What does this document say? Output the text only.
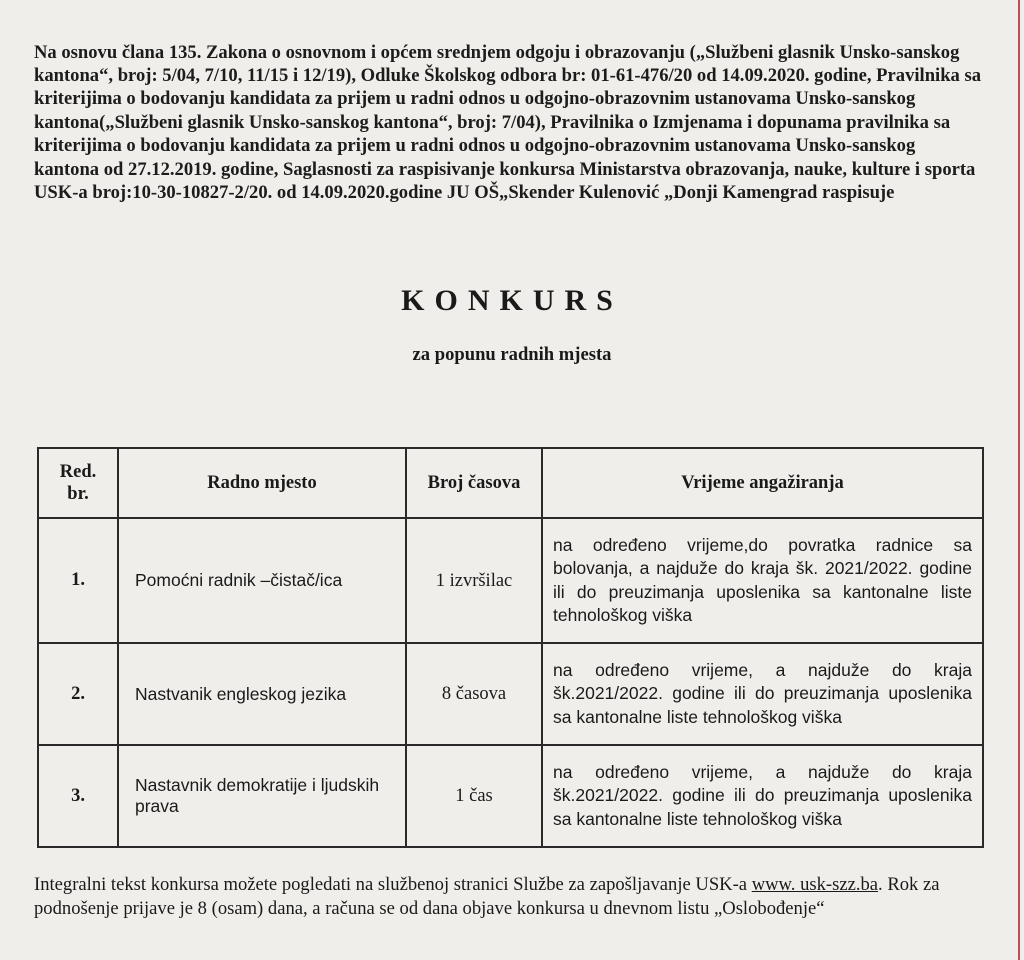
Na osnovu člana 135. Zakona o osnovnom i općem srednjem odgoju i obrazovanju („Službeni glasnik Unsko-sanskog kantona“, broj: 5/04, 7/10, 11/15 i 12/19), Odluke Školskog odbora br: 01-61-476/20 od 14.09.2020. godine, Pravilnika sa kriterijima o bodovanju kandidata za prijem u radni odnos u odgojno-obrazovnim ustanovama Unsko-sanskog kantona(„Službeni glasnik Unsko-sanskog kantona“, broj: 7/04), Pravilnika o Izmjenama i dopunama pravilnika sa kriterijima o bodovanju kandidata za prijem u radni odnos u odgojno-obrazovnim ustanovama Unsko-sanskog kantona od 27.12.2019. godine, Saglasnosti za raspisivanje konkursa Ministarstva obrazovanja, nauke, kulture i sporta USK-a broj:10-30-10827-2/20. od 14.09.2020.godine JU OŠ„Skender Kulenović „Donji Kamengrad raspisuje

KONKURS
za popunu radnih mjesta
Red. br.	Radno mjesto	Broj časova	Vrijeme angažiranja
1.	Pomoćni radnik –čistač/ica	1 izvršilac	na određeno vrijeme,do povratka radnice sa bolovanja, a najduže do kraja šk. 2021/2022. godine ili do preuzimanja uposlenika sa kantonalne liste tehnološkog viška
2.	Nastvanik engleskog jezika	8 časova	na određeno vrijeme, a najduže do kraja šk.2021/2022. godine ili do preuzimanja uposlenika sa kantonalne liste tehnološkog viška
3.	Nastavnik demokratije i ljudskih prava	1 čas	na određeno vrijeme, a najduže do kraja šk.2021/2022. godine ili do preuzimanja uposlenika sa kantonalne liste tehnološkog viška

Integralni tekst konkursa možete pogledati na službenoj stranici Službe za zapošljavanje USK-a www. usk-szz.ba. Rok za podnošenje prijave je 8 (osam) dana, a računa se od dana objave konkursa u dnevnom listu „Oslobođenje“
